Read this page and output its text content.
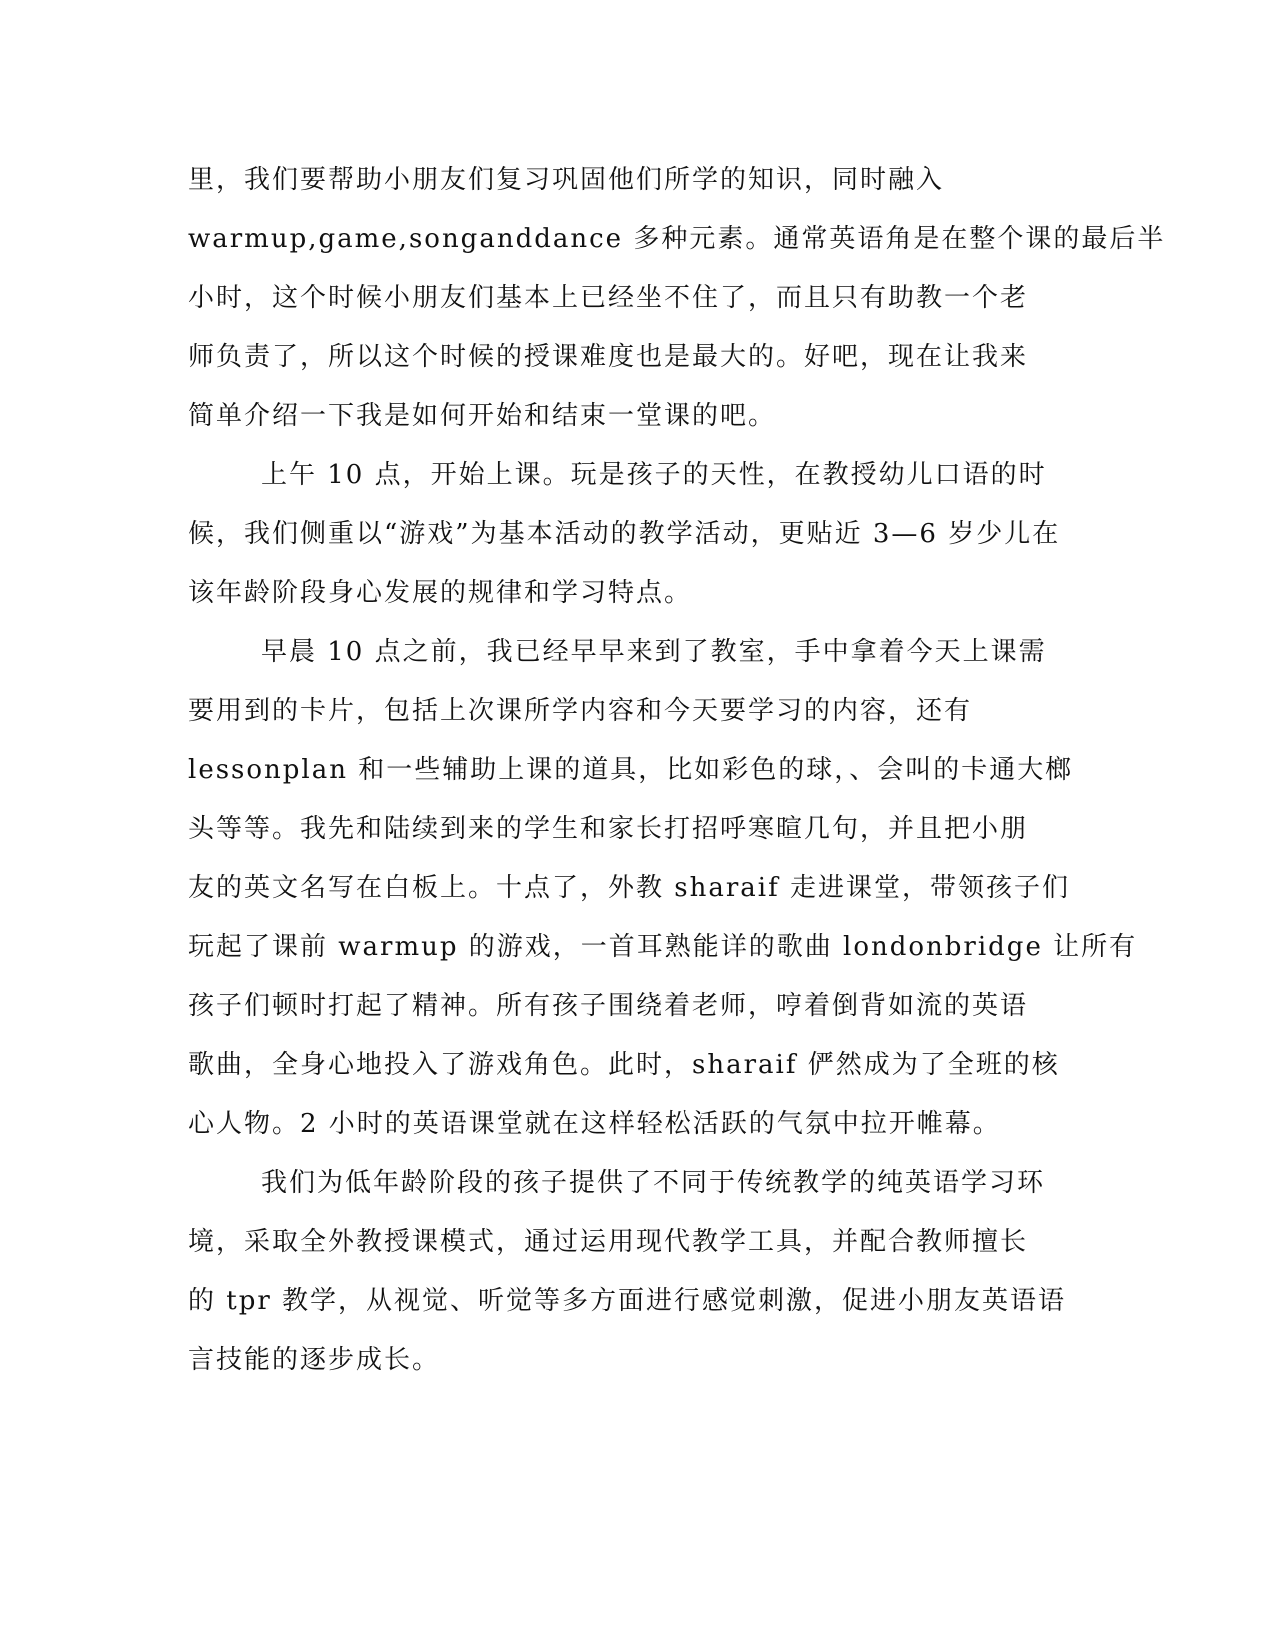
里，我们要帮助小朋友们复习巩固他们所学的知识，同时融入
warmup,game,songanddance 多种元素。通常英语角是在整个课的最后半
小时，这个时候小朋友们基本上已经坐不住了，而且只有助教一个老
师负责了，所以这个时候的授课难度也是最大的。好吧，现在让我来
简单介绍一下我是如何开始和结束一堂课的吧。
上午 10 点，开始上课。玩是孩子的天性，在教授幼儿口语的时
候，我们侧重以“游戏”为基本活动的教学活动，更贴近 3—6 岁少儿在
该年龄阶段身心发展的规律和学习特点。
早晨 10 点之前，我已经早早来到了教室，手中拿着今天上课需
要用到的卡片，包括上次课所学内容和今天要学习的内容，还有
lessonplan 和一些辅助上课的道具，比如彩色的球，、会叫的卡通大榔
头等等。我先和陆续到来的学生和家长打招呼寒暄几句，并且把小朋
友的英文名写在白板上。十点了，外教 sharaif 走进课堂，带领孩子们
玩起了课前 warmup 的游戏，一首耳熟能详的歌曲 londonbridge 让所有
孩子们顿时打起了精神。所有孩子围绕着老师，哼着倒背如流的英语
歌曲，全身心地投入了游戏角色。此时，sharaif 俨然成为了全班的核
心人物。2 小时的英语课堂就在这样轻松活跃的气氛中拉开帷幕。
我们为低年龄阶段的孩子提供了不同于传统教学的纯英语学习环
境，采取全外教授课模式，通过运用现代教学工具，并配合教师擅长
的 tpr 教学，从视觉、听觉等多方面进行感觉刺激，促进小朋友英语语
言技能的逐步成长。
